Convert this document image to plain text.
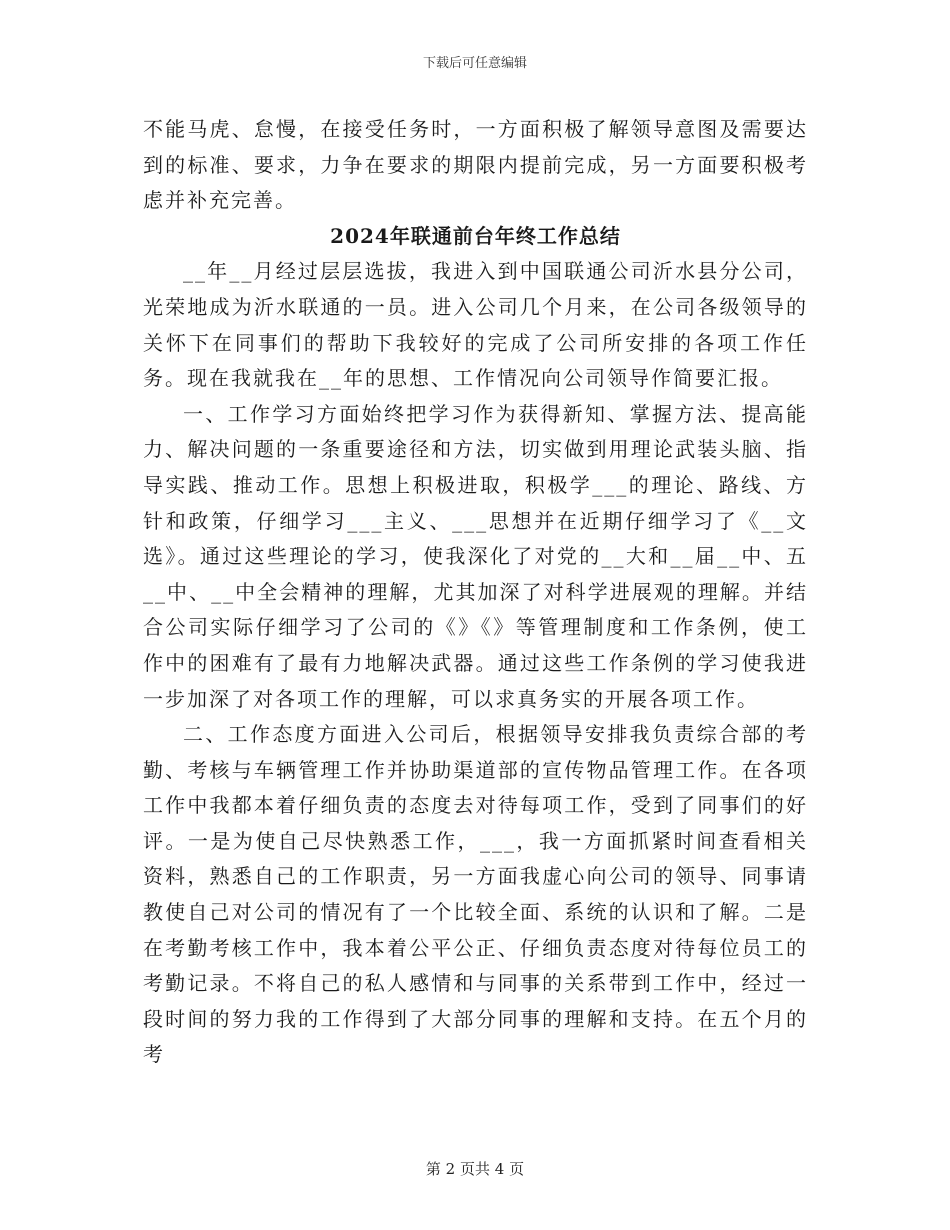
下载后可任意编辑

不能马虎、怠慢，在接受任务时，一方面积极了解领导意图及需要达到的标准、要求，力争在要求的期限内提前完成，另一方面要积极考虑并补充完善。

2024年联通前台年终工作总结

__年__月经过层层选拔，我进入到中国联通公司沂水县分公司，光荣地成为沂水联通的一员。进入公司几个月来，在公司各级领导的关怀下在同事们的帮助下我较好的完成了公司所安排的各项工作任务。现在我就我在__年的思想、工作情况向公司领导作简要汇报。

一、工作学习方面始终把学习作为获得新知、掌握方法、提高能力、解决问题的一条重要途径和方法，切实做到用理论武装头脑、指导实践、推动工作。思想上积极进取，积极学___的理论、路线、方针和政策，仔细学习___主义、___思想并在近期仔细学习了《__文选》。通过这些理论的学习，使我深化了对党的__大和__届__中、五__中、__中全会精神的理解，尤其加深了对科学进展观的理解。并结合公司实际仔细学习了公司的《》《》等管理制度和工作条例，使工作中的困难有了最有力地解决武器。通过这些工作条例的学习使我进一步加深了对各项工作的理解，可以求真务实的开展各项工作。

二、工作态度方面进入公司后，根据领导安排我负责综合部的考勤、考核与车辆管理工作并协助渠道部的宣传物品管理工作。在各项工作中我都本着仔细负责的态度去对待每项工作，受到了同事们的好评。一是为使自己尽快熟悉工作，___，我一方面抓紧时间查看相关资料，熟悉自己的工作职责，另一方面我虚心向公司的领导、同事请教使自己对公司的情况有了一个比较全面、系统的认识和了解。二是在考勤考核工作中，我本着公平公正、仔细负责态度对待每位员工的考勤记录。不将自己的私人感情和与同事的关系带到工作中，经过一段时间的努力我的工作得到了大部分同事的理解和支持。在五个月的考

第 2 页共 4 页
